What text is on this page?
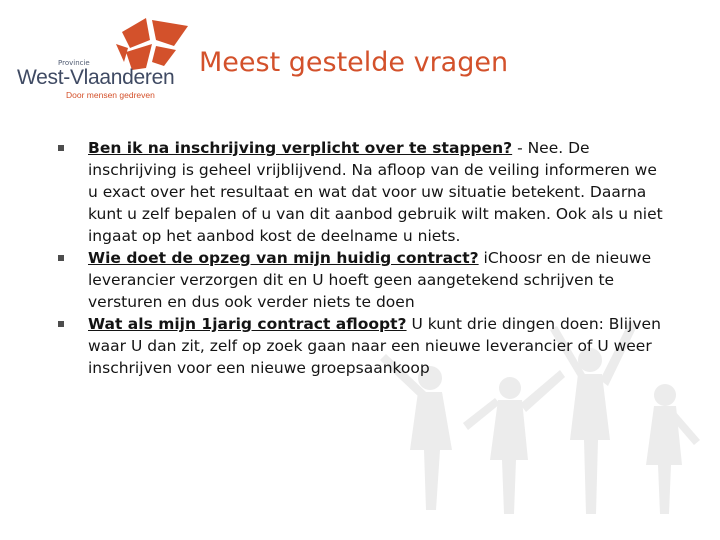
Provincie
West-Vlaanderen
Door mensen gedreven
Meest gestelde vragen
Ben ik na inschrijving verplicht over te stappen? - Nee. De inschrijving is geheel vrijblijvend. Na afloop van de veiling informeren we u exact over het resultaat en wat dat voor uw situatie betekent. Daarna kunt u zelf bepalen of u van dit aanbod gebruik wilt maken. Ook als u niet ingaat op het aanbod kost de deelname u niets.
Wie doet de opzeg van mijn huidig contract? iChoosr en de nieuwe leverancier verzorgen dit en U hoeft geen aangetekend schrijven te versturen en dus ook verder niets te doen
Wat als mijn 1jarig contract afloopt? U kunt drie dingen doen: Blijven waar U dan zit, zelf op zoek gaan naar een nieuwe leverancier of U weer inschrijven voor een nieuwe groepsaankoop
